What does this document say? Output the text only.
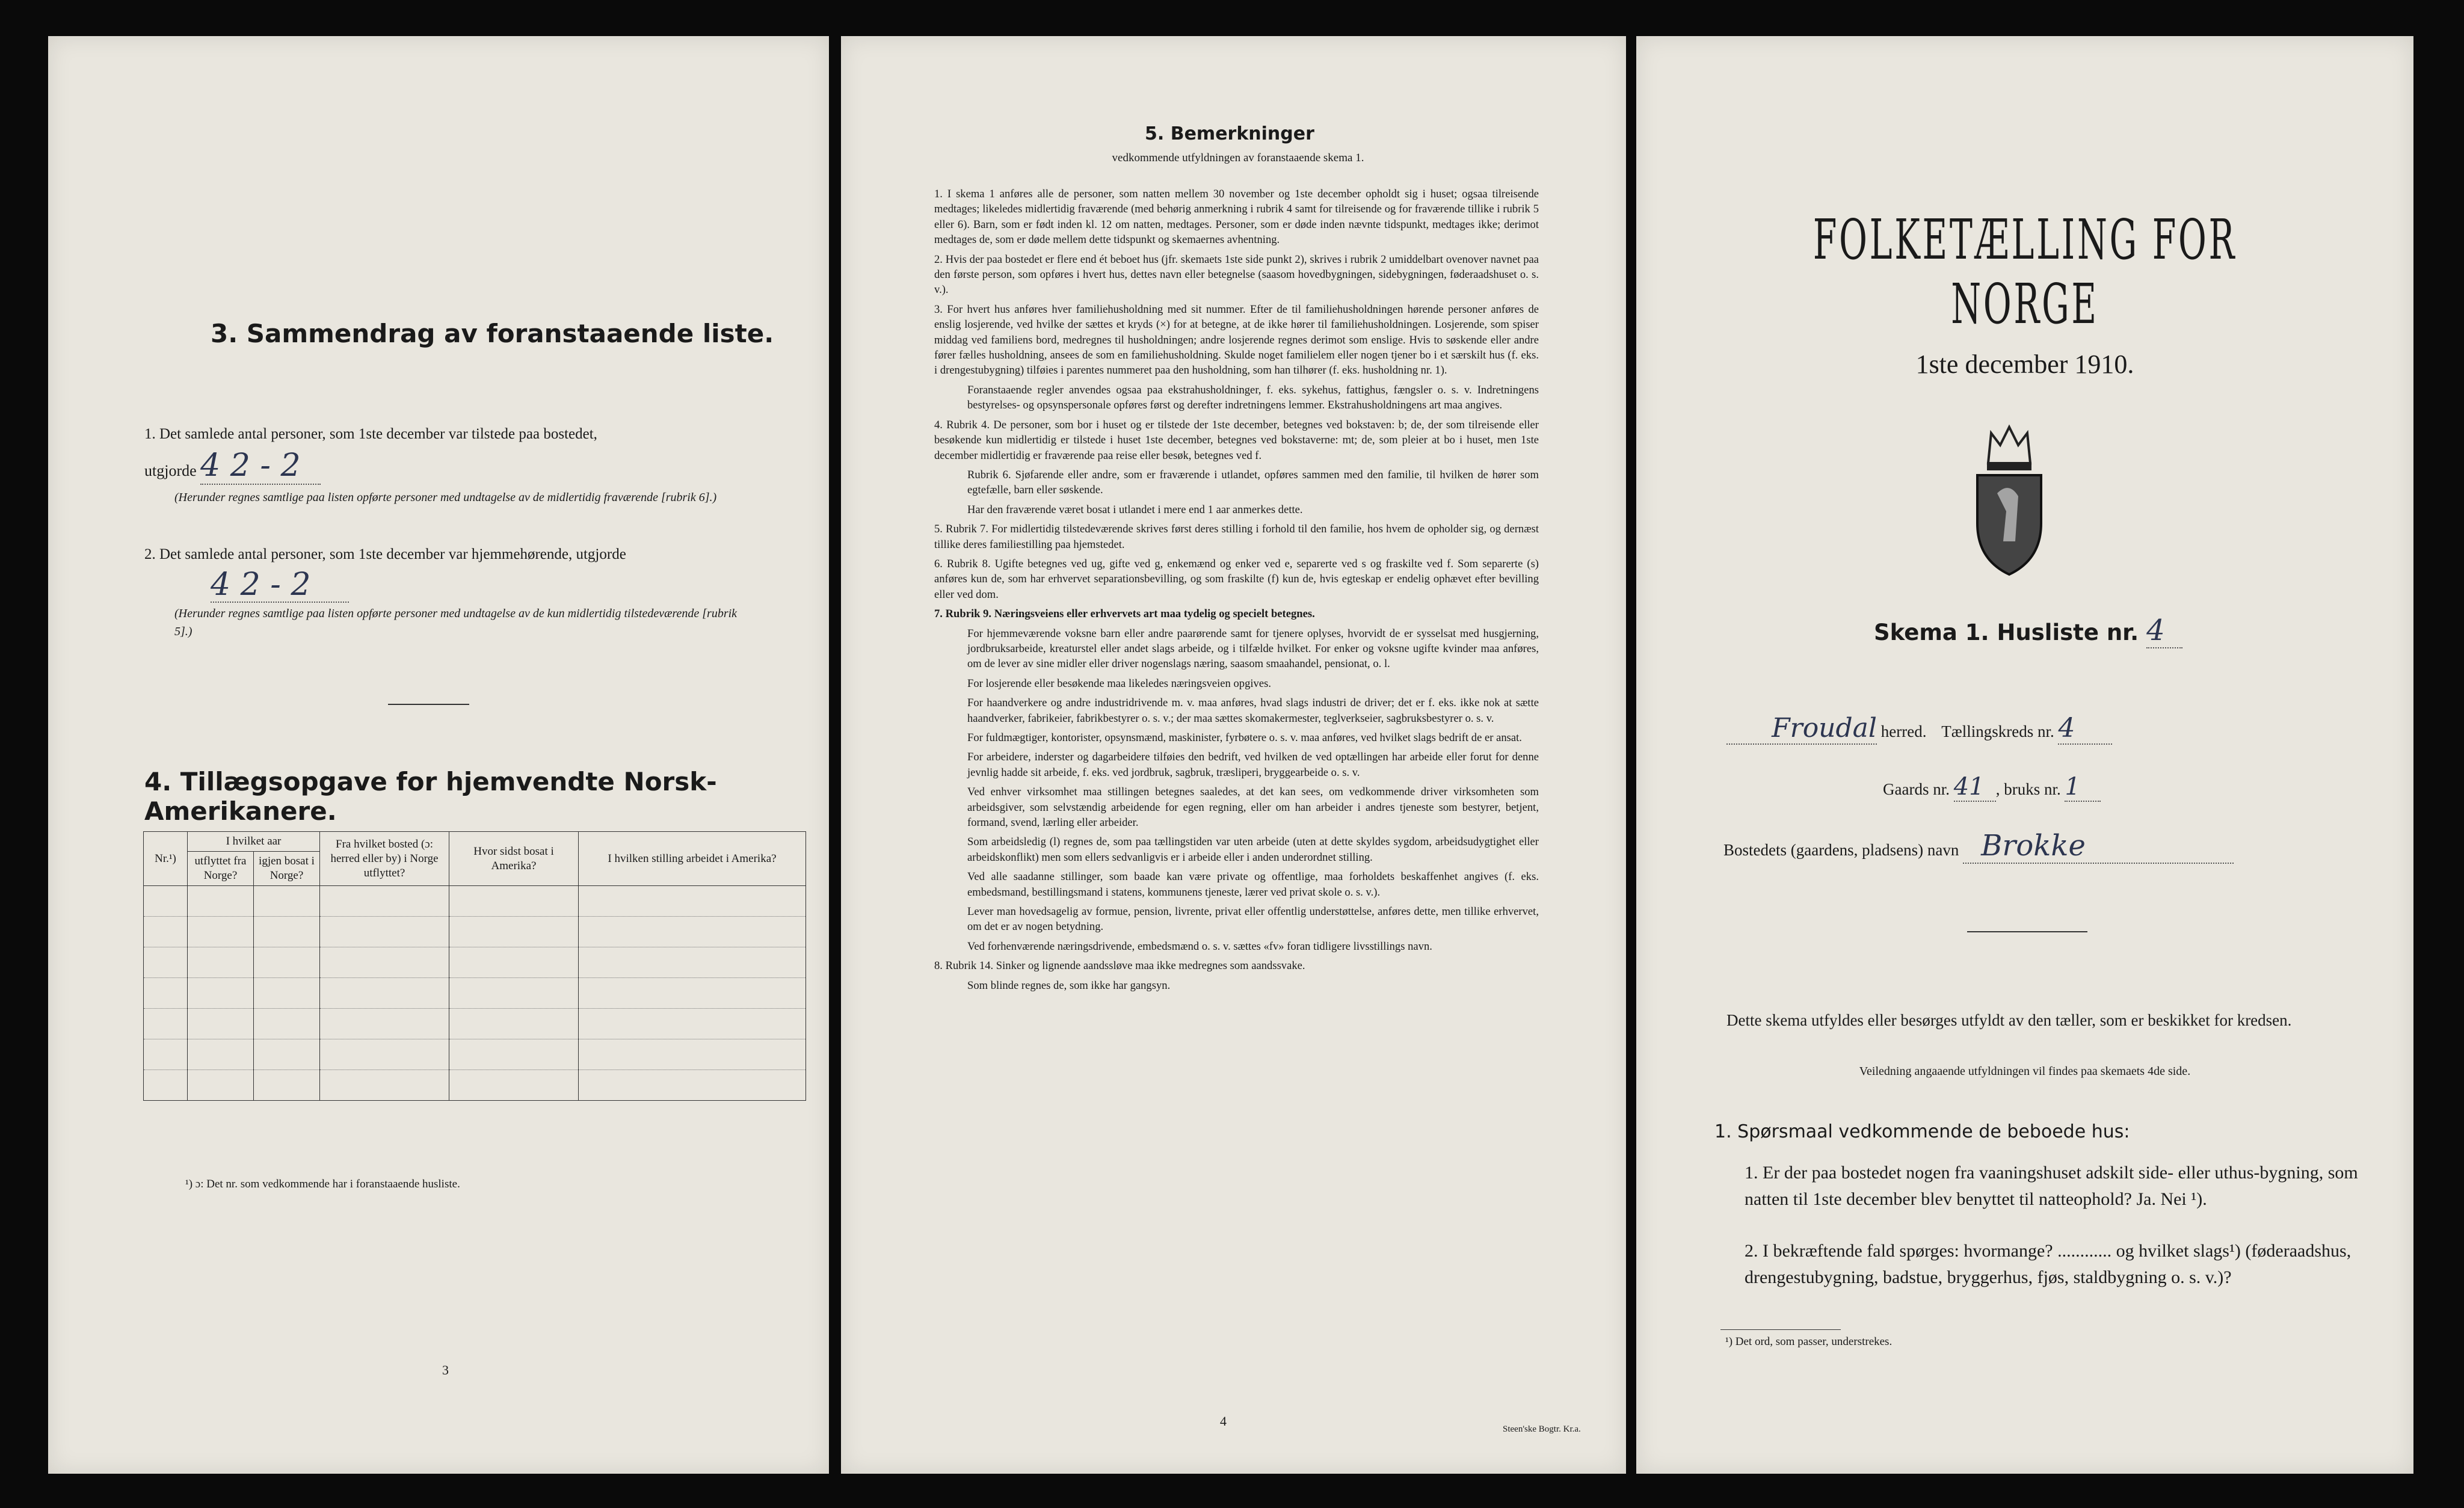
3. Sammendrag av foranstaaende liste.
1. Det samlede antal personer, som 1ste december var tilstede paa bostedet,
utgjorde 4 2 - 2
(Herunder regnes samtlige paa listen opførte personer med undtagelse av de midlertidig fraværende [rubrik 6].)
2. Det samlede antal personer, som 1ste december var hjemmehørende, utgjorde
4 2 - 2
(Herunder regnes samtlige paa listen opførte personer med undtagelse av de kun midlertidig tilstedeværende [rubrik 5].)
4. Tillægsopgave for hjemvendte Norsk-Amerikanere.
Nr.¹)	I hvilket aar		Fra hvilket bosted (ɔ: herred eller by) i Norge utflyttet?	Hvor sidst bosat i Amerika?	I hvilken stilling arbeidet i Amerika?
	utflyttet fra Norge?	igjen bosat i Norge?			

¹) ɔ: Det nr. som vedkommende har i foranstaaende husliste.
3
5. Bemerkninger
vedkommende utfyldningen av foranstaaende skema 1.

1. I skema 1 anføres alle de personer, som natten mellem 30 november og 1ste december opholdt sig i huset; ogsaa tilreisende medtages; likeledes midlertidig fraværende (med behørig anmerkning i rubrik 4 samt for tilreisende og for fraværende tillike i rubrik 5 eller 6). Barn, som er født inden kl. 12 om natten, medtages. Personer, som er døde inden nævnte tidspunkt, medtages ikke; derimot medtages de, som er døde mellem dette tidspunkt og skemaernes avhentning.

2. Hvis der paa bostedet er flere end ét beboet hus (jfr. skemaets 1ste side punkt 2), skrives i rubrik 2 umiddelbart ovenover navnet paa den første person, som opføres i hvert hus, dettes navn eller betegnelse (saasom hovedbygningen, sidebygningen, føderaadshuset o. s. v.).

3. For hvert hus anføres hver familiehusholdning med sit nummer. Efter de til familiehusholdningen hørende personer anføres de enslig losjerende, ved hvilke der sættes et kryds (×) for at betegne, at de ikke hører til familiehusholdningen. Losjerende, som spiser middag ved familiens bord, medregnes til husholdningen; andre losjerende regnes derimot som enslige. Hvis to søskende eller andre fører fælles husholdning, ansees de som en familiehusholdning. Skulde noget familielem eller nogen tjener bo i et særskilt hus (f. eks. i drengestubygning) tilføies i parentes nummeret paa den husholdning, som han tilhører (f. eks. husholdning nr. 1).

Foranstaaende regler anvendes ogsaa paa ekstrahusholdninger, f. eks. sykehus, fattighus, fængsler o. s. v. Indretningens bestyrelses- og opsynspersonale opføres først og derefter indretningens lemmer. Ekstrahusholdningens art maa angives.

4. Rubrik 4. De personer, som bor i huset og er tilstede der 1ste december, betegnes ved bokstaven: b; de, der som tilreisende eller besøkende kun midlertidig er tilstede i huset 1ste december, betegnes ved bokstaverne: mt; de, som pleier at bo i huset, men 1ste december midlertidig er fraværende paa reise eller besøk, betegnes ved f.

Rubrik 6. Sjøfarende eller andre, som er fraværende i utlandet, opføres sammen med den familie, til hvilken de hører som egtefælle, barn eller søskende.

Har den fraværende været bosat i utlandet i mere end 1 aar anmerkes dette.

5. Rubrik 7. For midlertidig tilstedeværende skrives først deres stilling i forhold til den familie, hos hvem de opholder sig, og dernæst tillike deres familiestilling paa hjemstedet.

6. Rubrik 8. Ugifte betegnes ved ug, gifte ved g, enkemænd og enker ved e, separerte ved s og fraskilte ved f. Som separerte (s) anføres kun de, som har erhvervet separationsbevilling, og som fraskilte (f) kun de, hvis egteskap er endelig ophævet efter bevilling eller ved dom.

7. Rubrik 9. Næringsveiens eller erhvervets art maa tydelig og specielt betegnes.

For hjemmeværende voksne barn eller andre paarørende samt for tjenere oplyses, hvorvidt de er sysselsat med husgjerning, jordbruksarbeide, kreaturstel eller andet slags arbeide, og i tilfælde hvilket. For enker og voksne ugifte kvinder maa anføres, om de lever av sine midler eller driver nogenslags næring, saasom smaahandel, pensionat, o. l.

For losjerende eller besøkende maa likeledes næringsveien opgives.

For haandverkere og andre industridrivende m. v. maa anføres, hvad slags industri de driver; det er f. eks. ikke nok at sætte haandverker, fabrikeier, fabrikbestyrer o. s. v.; der maa sættes skomakermester, teglverkseier, sagbruksbestyrer o. s. v.

For fuldmægtiger, kontorister, opsynsmænd, maskinister, fyrbøtere o. s. v. maa anføres, ved hvilket slags bedrift de er ansat.

For arbeidere, inderster og dagarbeidere tilføies den bedrift, ved hvilken de ved optællingen har arbeide eller forut for denne jevnlig hadde sit arbeide, f. eks. ved jordbruk, sagbruk, træsliperi, bryggearbeide o. s. v.

Ved enhver virksomhet maa stillingen betegnes saaledes, at det kan sees, om vedkommende driver virksomheten som arbeidsgiver, som selvstændig arbeidende for egen regning, eller om han arbeider i andres tjeneste som bestyrer, betjent, formand, svend, lærling eller arbeider.

Som arbeidsledig (l) regnes de, som paa tællingstiden var uten arbeide (uten at dette skyldes sygdom, arbeidsudygtighet eller arbeidskonflikt) men som ellers sedvanligvis er i arbeide eller i anden underordnet stilling.

Ved alle saadanne stillinger, som baade kan være private og offentlige, maa forholdets beskaffenhet angives (f. eks. embedsmand, bestillingsmand i statens, kommunens tjeneste, lærer ved privat skole o. s. v.).

Lever man hovedsagelig av formue, pension, livrente, privat eller offentlig understøttelse, anføres dette, men tillike erhvervet, om det er av nogen betydning.

Ved forhenværende næringsdrivende, embedsmænd o. s. v. sættes «fv» foran tidligere livsstillings navn.

8. Rubrik 14. Sinker og lignende aandssløve maa ikke medregnes som aandssvake.

Som blinde regnes de, som ikke har gangsyn.

4
Steen'ske Bogtr. Kr.a.
FOLKETÆLLING FOR NORGE
1ste december 1910.
Skema 1. Husliste nr. 4
Froudal herred. Tællingskreds nr. 4
Gaards nr. 41 , bruks nr. 1
Bostedets (gaardens, pladsens) navn Brokke
Dette skema utfyldes eller besørges utfyldt av den tæller, som er beskikket for kredsen.
Veiledning angaaende utfyldningen vil findes paa skemaets 4de side.
1. Spørsmaal vedkommende de beboede hus:
1. Er der paa bostedet nogen fra vaaningshuset adskilt side- eller uthus-bygning, som natten til 1ste december blev benyttet til natteophold? Ja. Nei ¹).
2. I bekræftende fald spørges: hvormange? ............ og hvilket slags¹) (føderaadshus, drengestubygning, badstue, bryggerhus, fjøs, staldbygning o. s. v.)?
¹) Det ord, som passer, understrekes.
